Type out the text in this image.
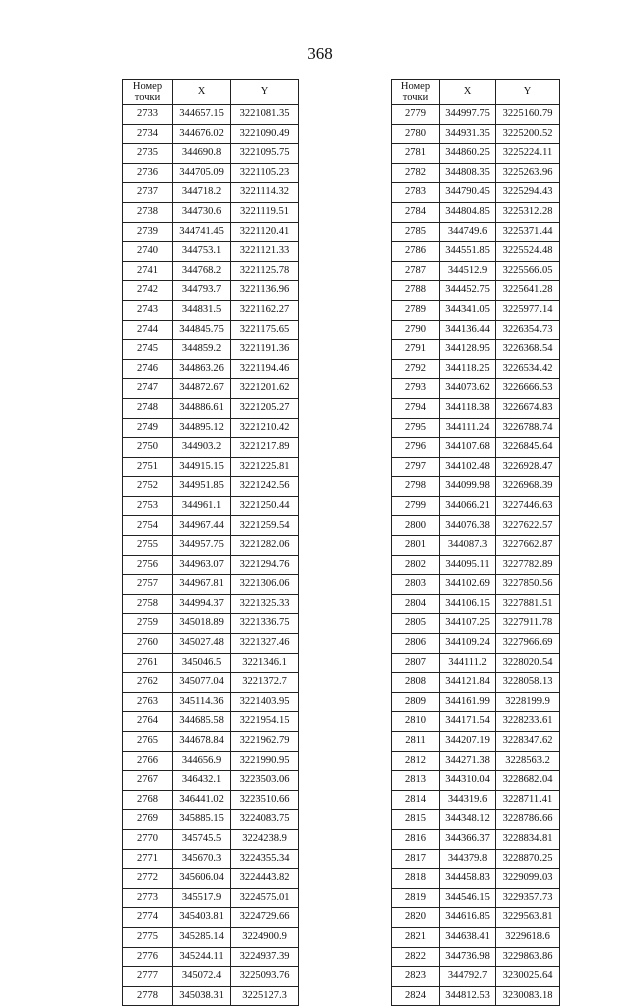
368
Номер
точки	X	Y
2733	344657.15	3221081.35
2734	344676.02	3221090.49
2735	344690.8	3221095.75
2736	344705.09	3221105.23
2737	344718.2	3221114.32
2738	344730.6	3221119.51
2739	344741.45	3221120.41
2740	344753.1	3221121.33
2741	344768.2	3221125.78
2742	344793.7	3221136.96
2743	344831.5	3221162.27
2744	344845.75	3221175.65
2745	344859.2	3221191.36
2746	344863.26	3221194.46
2747	344872.67	3221201.62
2748	344886.61	3221205.27
2749	344895.12	3221210.42
2750	344903.2	3221217.89
2751	344915.15	3221225.81
2752	344951.85	3221242.56
2753	344961.1	3221250.44
2754	344967.44	3221259.54
2755	344957.75	3221282.06
2756	344963.07	3221294.76
2757	344967.81	3221306.06
2758	344994.37	3221325.33
2759	345018.89	3221336.75
2760	345027.48	3221327.46
2761	345046.5	3221346.1
2762	345077.04	3221372.7
2763	345114.36	3221403.95
2764	344685.58	3221954.15
2765	344678.84	3221962.79
2766	344656.9	3221990.95
2767	346432.1	3223503.06
2768	346441.02	3223510.66
2769	345885.15	3224083.75
2770	345745.5	3224238.9
2771	345670.3	3224355.34
2772	345606.04	3224443.82
2773	345517.9	3224575.01
2774	345403.81	3224729.66
2775	345285.14	3224900.9
2776	345244.11	3224937.39
2777	345072.4	3225093.76
2778	345038.31	3225127.3
Номер
точки	X	Y
2779	344997.75	3225160.79
2780	344931.35	3225200.52
2781	344860.25	3225224.11
2782	344808.35	3225263.96
2783	344790.45	3225294.43
2784	344804.85	3225312.28
2785	344749.6	3225371.44
2786	344551.85	3225524.48
2787	344512.9	3225566.05
2788	344452.75	3225641.28
2789	344341.05	3225977.14
2790	344136.44	3226354.73
2791	344128.95	3226368.54
2792	344118.25	3226534.42
2793	344073.62	3226666.53
2794	344118.38	3226674.83
2795	344111.24	3226788.74
2796	344107.68	3226845.64
2797	344102.48	3226928.47
2798	344099.98	3226968.39
2799	344066.21	3227446.63
2800	344076.38	3227622.57
2801	344087.3	3227662.87
2802	344095.11	3227782.89
2803	344102.69	3227850.56
2804	344106.15	3227881.51
2805	344107.25	3227911.78
2806	344109.24	3227966.69
2807	344111.2	3228020.54
2808	344121.84	3228058.13
2809	344161.99	3228199.9
2810	344171.54	3228233.61
2811	344207.19	3228347.62
2812	344271.38	3228563.2
2813	344310.04	3228682.04
2814	344319.6	3228711.41
2815	344348.12	3228786.66
2816	344366.37	3228834.81
2817	344379.8	3228870.25
2818	344458.83	3229099.03
2819	344546.15	3229357.73
2820	344616.85	3229563.81
2821	344638.41	3229618.6
2822	344736.98	3229863.86
2823	344792.7	3230025.64
2824	344812.53	3230083.18
